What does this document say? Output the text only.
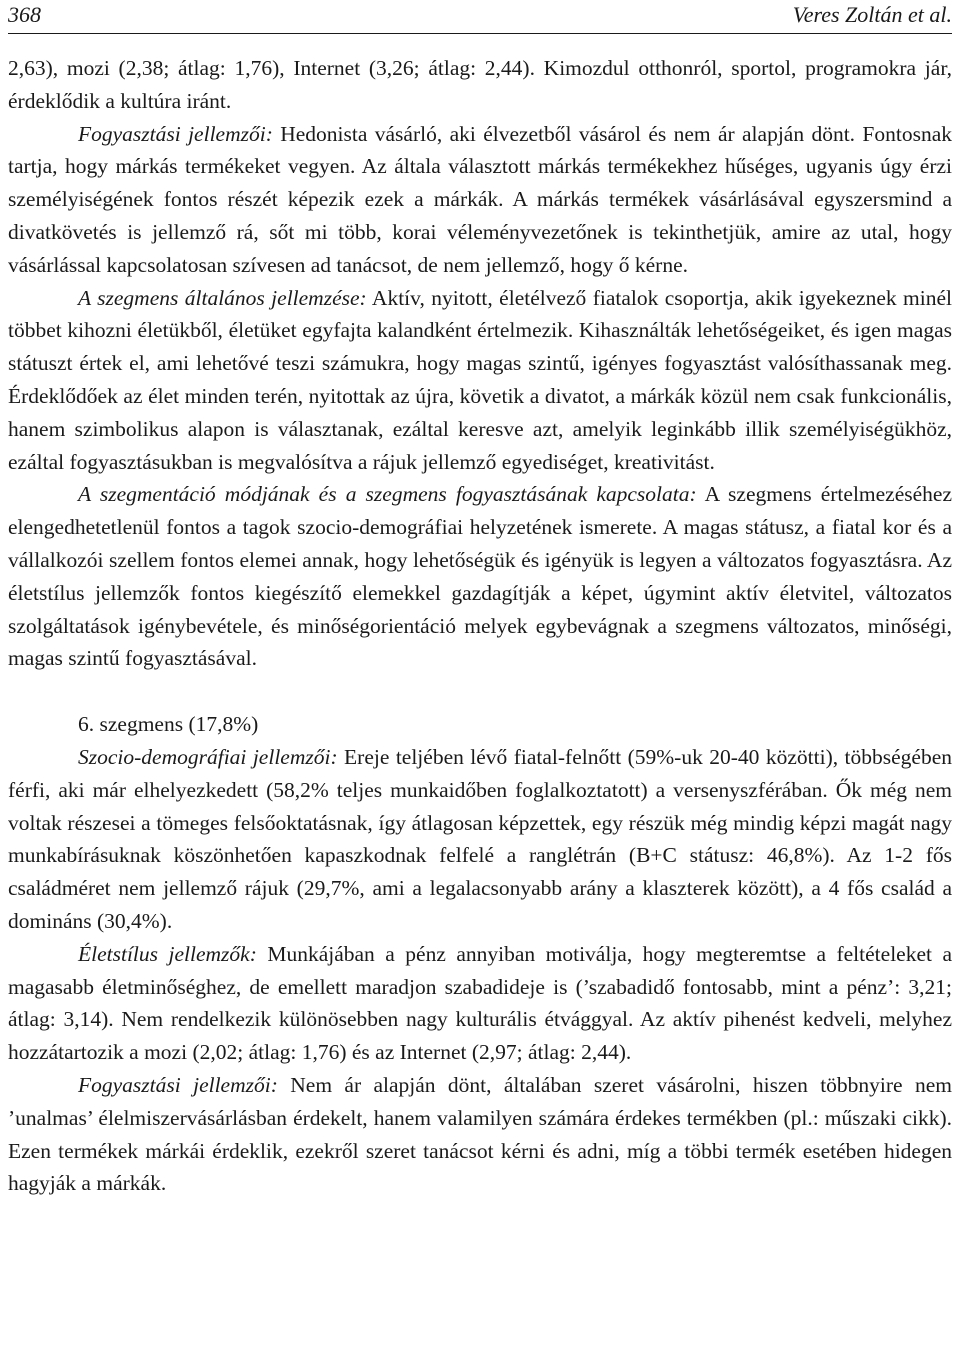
368	Veres Zoltán et al.

2,63), mozi (2,38; átlag: 1,76), Internet (3,26; átlag: 2,44). Kimozdul otthonról, sportol, programokra jár, érdeklődik a kultúra iránt.

Fogyasztási jellemzői: Hedonista vásárló, aki élvezetből vásárol és nem ár alapján dönt. Fontosnak tartja, hogy márkás termékeket vegyen. Az általa választott márkás termékekhez hűséges, ugyanis úgy érzi személyiségének fontos részét képezik ezek a márkák. A márkás termékek vásárlásával egyszersmind a divatkövetés is jellemző rá, sőt mi több, korai véleményvezetőnek is tekinthetjük, amire az utal, hogy vásárlással kapcsolatosan szívesen ad tanácsot, de nem jellemző, hogy ő kérne.

A szegmens általános jellemzése: Aktív, nyitott, életélvező fiatalok csoportja, akik igyekeznek minél többet kihozni életükből, életüket egyfajta kalandként értelmezik. Kihasználták lehetőségeiket, és igen magas státuszt értek el, ami lehetővé teszi számukra, hogy magas szintű, igényes fogyasztást valósíthassanak meg. Érdeklődőek az élet minden terén, nyitottak az újra, követik a divatot, a márkák közül nem csak funkcionális, hanem szimbolikus alapon is választanak, ezáltal keresve azt, amelyik leginkább illik személyiségükhöz, ezáltal fogyasztásukban is megvalósítva a rájuk jellemző egyediséget, kreativitást.

A szegmentáció módjának és a szegmens fogyasztásának kapcsolata: A szegmens értelmezéséhez elengedhetetlenül fontos a tagok szocio-demográfiai helyzetének ismerete. A magas státusz, a fiatal kor és a vállalkozói szellem fontos elemei annak, hogy lehetőségük és igényük is legyen a változatos fogyasztásra. Az életstílus jellemzők fontos kiegészítő elemekkel gazdagítják a képet, úgymint aktív életvitel, változatos szolgáltatások igénybevétele, és minőségorientáció melyek egybevágnak a szegmens változatos, minőségi, magas szintű fogyasztásával.

6. szegmens (17,8%)

Szocio-demográfiai jellemzői: Ereje teljében lévő fiatal-felnőtt (59%-uk 20-40 közötti), többségében férfi, aki már elhelyezkedett (58,2% teljes munkaidőben foglalkoztatott) a versenyszférában. Ők még nem voltak részesei a tömeges felsőoktatásnak, így átlagosan képzettek, egy részük még mindig képzi magát nagy munkabírásuknak köszönhetően kapaszkodnak felfelé a ranglétrán (B+C státusz: 46,8%). Az 1-2 fős családméret nem jellemző rájuk (29,7%, ami a legalacsonyabb arány a klaszterek között), a 4 fős család a domináns (30,4%).

Életstílus jellemzők: Munkájában a pénz annyiban motiválja, hogy megteremtse a feltételeket a magasabb életminőséghez, de emellett maradjon szabadideje is (’szabadidő fontosabb, mint a pénz’: 3,21; átlag: 3,14). Nem rendelkezik különösebben nagy kulturális étvággyal. Az aktív pihenést kedveli, melyhez hozzátartozik a mozi (2,02; átlag: 1,76) és az Internet (2,97; átlag: 2,44).

Fogyasztási jellemzői: Nem ár alapján dönt, általában szeret vásárolni, hiszen többnyire nem ’unalmas’ élelmiszervásárlásban érdekelt, hanem valamilyen számára érdekes termékben (pl.: műszaki cikk). Ezen termékek márkái érdeklik, ezekről szeret tanácsot kérni és adni, míg a többi termék esetében hidegen hagyják a márkák.
